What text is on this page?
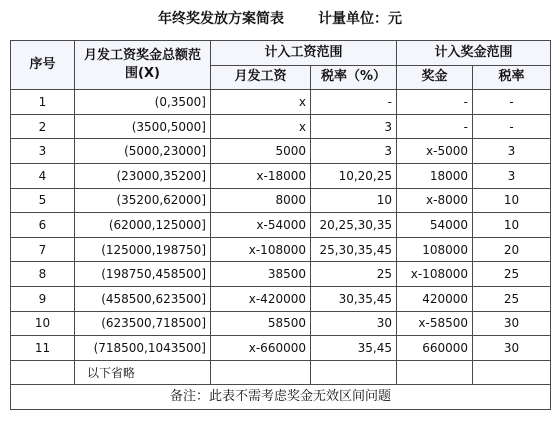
年终奖发放方案简表 计量单位：元
序号	月发工资奖金总额范围(X)	计入工资范围		计入奖金范围	
		月发工资	税率（%）	奖金	税率
1	(0,3500]	x	-	-	-
2	(3500,5000]	x	3	-	-
3	(5000,23000]	5000	3	x-5000	3
4	(23000,35200]	x-18000	10,20,25	18000	3
5	(35200,62000]	8000	10	x-8000	10
6	(62000,125000]	x-54000	20,25,30,35	54000	10
7	(125000,198750]	x-108000	25,30,35,45	108000	20
8	(198750,458500]	38500	25	x-108000	25
9	(458500,623500]	x-420000	30,35,45	420000	25
10	(623500,718500]	58500	30	x-58500	30
11	(718500,1043500]	x-660000	35,45	660000	30
	以下省略				
备注：此表不需考虑奖金无效区间问题					
